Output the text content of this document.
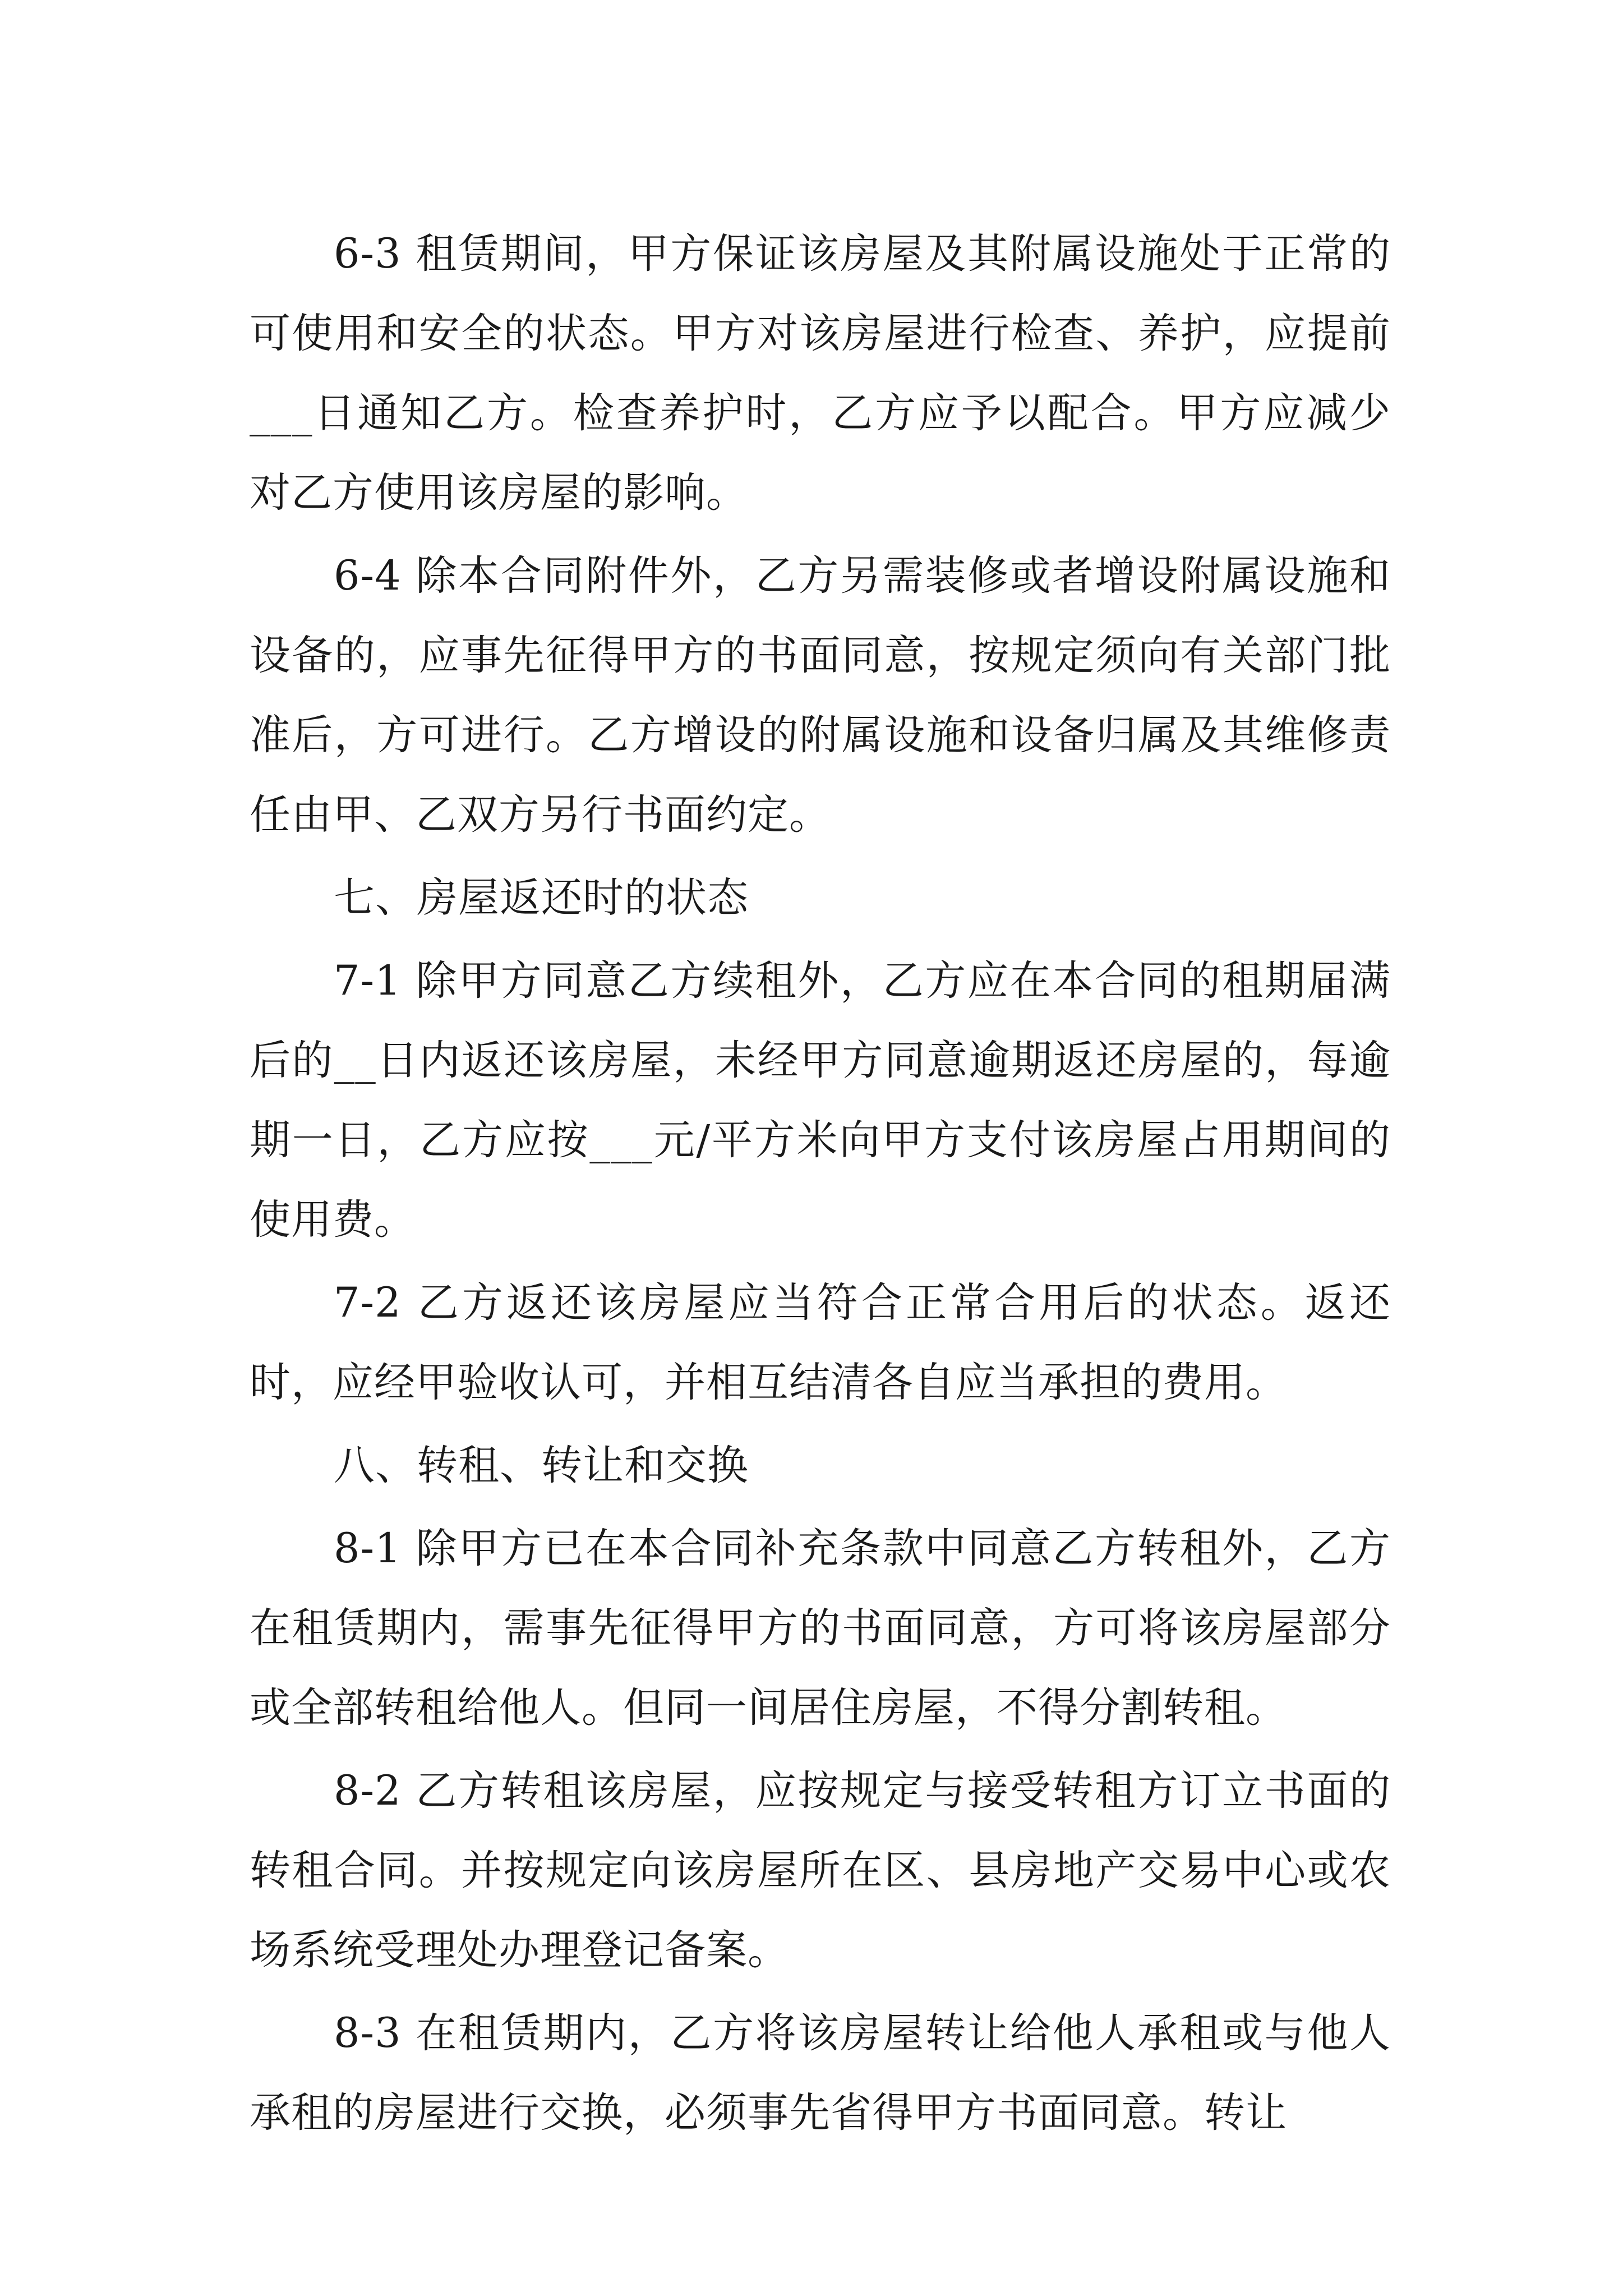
6-3 租赁期间，甲方保证该房屋及其附属设施处于正常的可使用和安全的状态。甲方对该房屋进行检查、养护，应提前___日通知乙方。检查养护时，乙方应予以配合。甲方应减少对乙方使用该房屋的影响。

6-4 除本合同附件外，乙方另需装修或者增设附属设施和设备的，应事先征得甲方的书面同意，按规定须向有关部门批准后，方可进行。乙方增设的附属设施和设备归属及其维修责任由甲、乙双方另行书面约定。

七、房屋返还时的状态

7-1 除甲方同意乙方续租外，乙方应在本合同的租期届满后的__日内返还该房屋，未经甲方同意逾期返还房屋的，每逾期一日，乙方应按___元/平方米向甲方支付该房屋占用期间的使用费。

7-2 乙方返还该房屋应当符合正常合用后的状态。返还时，应经甲验收认可，并相互结清各自应当承担的费用。

八、转租、转让和交换

8-1 除甲方已在本合同补充条款中同意乙方转租外，乙方在租赁期内，需事先征得甲方的书面同意，方可将该房屋部分或全部转租给他人。但同一间居住房屋，不得分割转租。

8-2 乙方转租该房屋，应按规定与接受转租方订立书面的转租合同。并按规定向该房屋所在区、县房地产交易中心或农场系统受理处办理登记备案。

8-3 在租赁期内，乙方将该房屋转让给他人承租或与他人承租的房屋进行交换，必须事先省得甲方书面同意。转让
